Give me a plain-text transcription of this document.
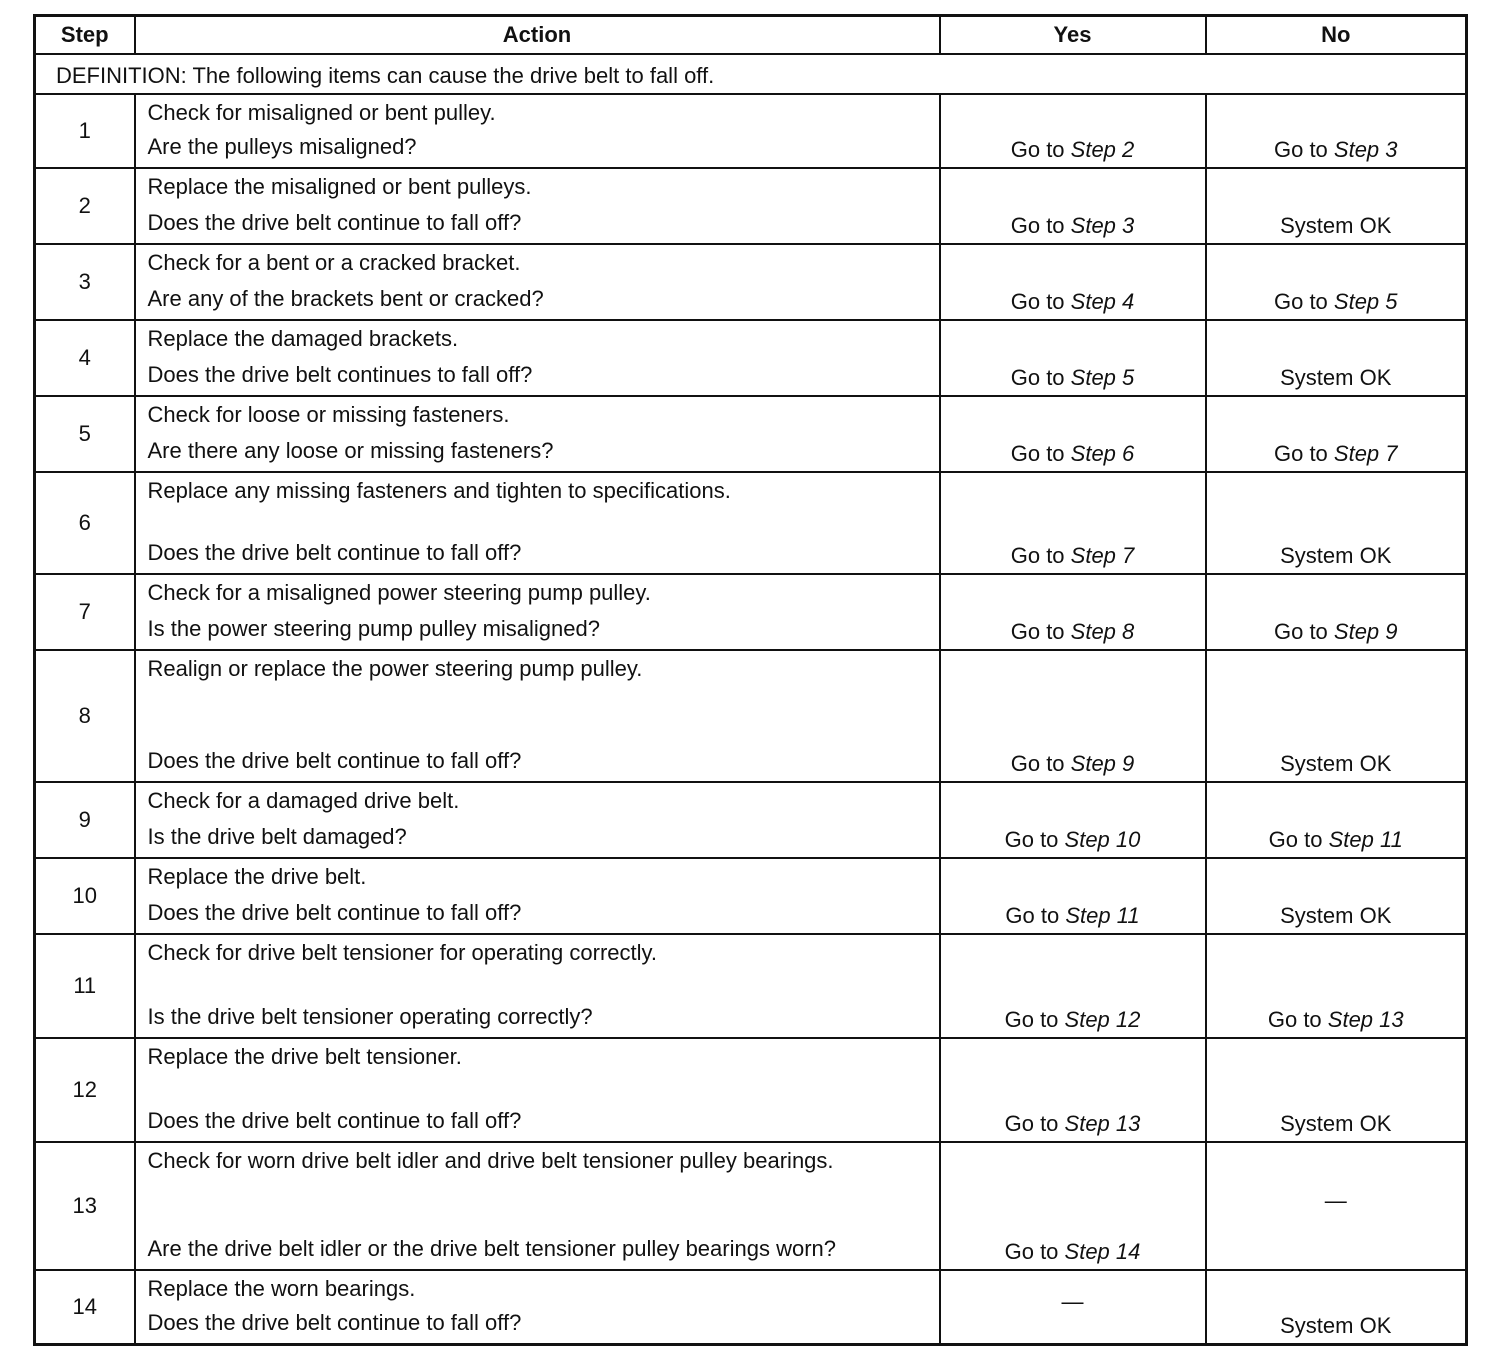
Step	Action	Yes	No
DEFINITION: The following items can cause the drive belt to fall off.			
1	Check for misaligned or bent pulley.
Are the pulleys misaligned?	Go to Step 2	Go to Step 3

2	Replace the misaligned or bent pulleys.
Does the drive belt continue to fall off?	Go to Step 3	System OK

3	Check for a bent or a cracked bracket.
Are any of the brackets bent or cracked?	Go to Step 4	Go to Step 5

4	Replace the damaged brackets.
Does the drive belt continues to fall off?	Go to Step 5	System OK

5	Check for loose or missing fasteners.
Are there any loose or missing fasteners?	Go to Step 6	Go to Step 7

6	Replace any missing fasteners and tighten to specifications.
Does the drive belt continue to fall off?	Go to Step 7	System OK

7	Check for a misaligned power steering pump pulley.
Is the power steering pump pulley misaligned?	Go to Step 8	Go to Step 9

8	Realign or replace the power steering pump pulley.
Does the drive belt continue to fall off?	Go to Step 9	System OK

9	Check for a damaged drive belt.
Is the drive belt damaged?	Go to Step 10	Go to Step 11

10	Replace the drive belt.
Does the drive belt continue to fall off?	Go to Step 11	System OK

11	Check for drive belt tensioner for operating correctly.
Is the drive belt tensioner operating correctly?	Go to Step 12	Go to Step 13

12	Replace the drive belt tensioner.
Does the drive belt continue to fall off?	Go to Step 13	System OK

13	Check for worn drive belt idler and drive belt tensioner pulley bearings.
Are the drive belt idler or the drive belt tensioner pulley bearings worn?	Go to Step 14	—

14	Replace the worn bearings.
Does the drive belt continue to fall off?	—	System OK
